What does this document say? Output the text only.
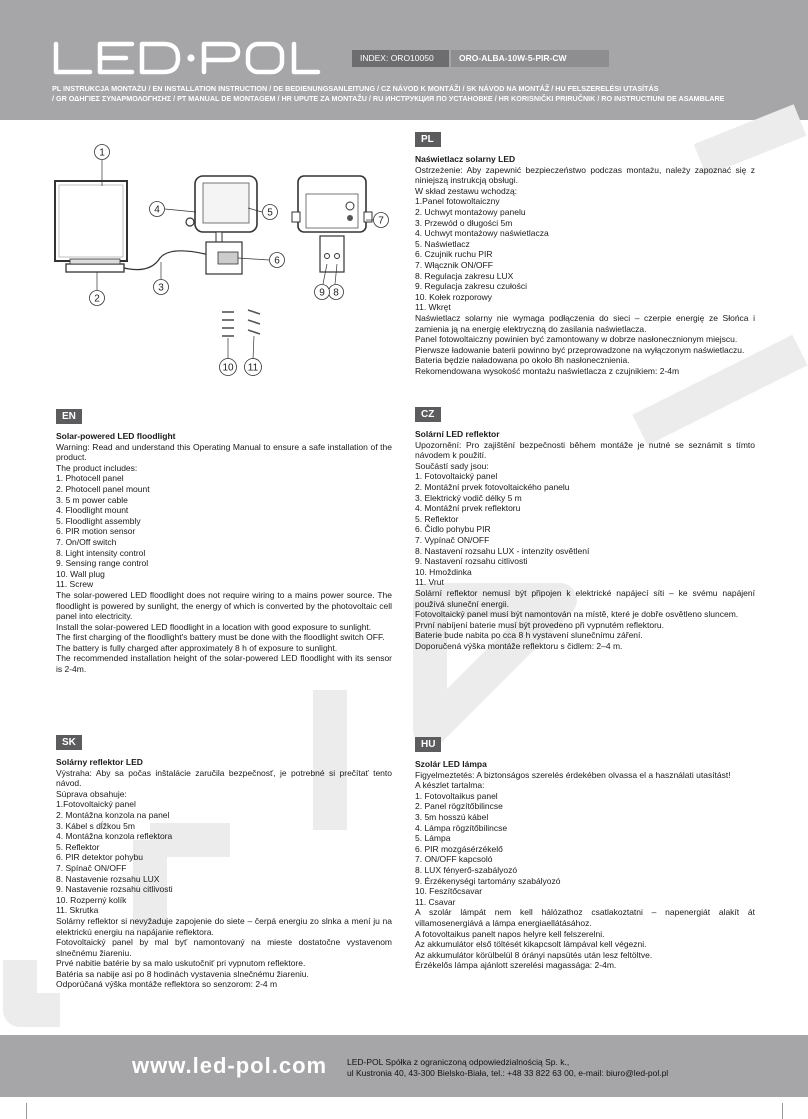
INDEX: ORO10050	ORO-ALBA-10W-5-PIR-CW
PL INSTRUKCJA MONTAŻU / EN INSTALLATION INSTRUCTION / DE BEDIENUNGSANLEITUNG / CZ NÁVOD K MONTÁŽI / SK NÁVOD NA MONTÁŽ / HU FELSZERELÉSI UTASÍTÁS
/ GR ΟΔΗΓΙΕΣ ΣΥΝΑΡΜΟΛΟΓΗΣΗΣ / PT MANUAL DE MONTAGEM / HR UPUTE ZA MONTAŽU / RU ИНСТРУКЦИЯ ПО УСТАНОВКЕ / HR KORISNIČKI PRIRUČNIK / RO INSTRUCTIUNI DE ASAMBLARE
1
2
3
4	5
6
7
8
9
10 11
PL
Naświetlacz solarny LED
Ostrzeżenie: Aby zapewnić bezpieczeństwo podczas montażu, należy zapoznać się z niniejszą instrukcją obsługi.
W skład zestawu wchodzą:
1.Panel fotowoltaiczny
2. Uchwyt montażowy panelu
3. Przewód o długości 5m
4. Uchwyt montażowy naświetlacza
5. Naświetlacz
6. Czujnik ruchu PIR
7. Włącznik ON/OFF
8. Regulacja zakresu LUX
9. Regulacja zakresu czułości
10. Kołek rozporowy
11. Wkręt
Naświetlacz solarny nie wymaga podłączenia do sieci – czerpie energię ze Słońca i zamienia ją na energię elektryczną do zasilania naświetlacza.
Panel fotowoltaiczny powinien być zamontowany w dobrze nasłonecznionym miejscu.
Pierwsze ładowanie baterii powinno być przeprowadzone na wyłączonym naświetlaczu.
Bateria będzie naładowana po około 8h nasłonecznienia.
Rekomendowana wysokość montażu naświetlacza z czujnikiem: 2-4m
EN
Solar-powered LED floodlight
Warning: Read and understand this Operating Manual to ensure a safe installation of the product.
The product includes:
1. Photocell panel
2. Photocell panel mount
3. 5 m power cable
4. Floodlight mount
5. Floodlight assembly
6. PIR motion sensor
7. On/Off switch
8. Light intensity control
9. Sensing range control
10. Wall plug
11. Screw
The solar-powered LED floodlight does not require wiring to a mains power source. The floodlight is powered by sunlight, the energy of which is converted by the photovoltaic cell panel into electricity.
Install the solar-powered LED floodlight in a location with good exposure to sunlight.
The first charging of the floodlight's battery must be done with the floodlight switch OFF.
The battery is fully charged after approximately 8 h of exposure to sunlight.
The recommended installation height of the solar-powered LED floodlight with its sensor is 2-4m.
CZ
Solární LED reflektor
Upozornění: Pro zajištění bezpečnosti během montáže je nutné se seznámit s tímto návodem k použití.
Součástí sady jsou:
1. Fotovoltaický panel
2. Montážní prvek fotovoltaického panelu
3. Elektrický vodič délky 5 m
4. Montážní prvek reflektoru
5. Reflektor
6. Čidlo pohybu PIR
7. Vypínač ON/OFF
8. Nastavení rozsahu LUX - intenzity osvětlení
9. Nastavení rozsahu citlivosti
10. Hmoždinka
11. Vrut
Solární reflektor nemusí být připojen k elektrické napájecí síti – ke svému napájení používá sluneční energii.
Fotovoltaický panel musí být namontován na místě, které je dobře osvětleno sluncem.
První nabíjení baterie musí být provedeno při vypnutém reflektoru.
Baterie bude nabita po cca 8 h vystavení slunečnímu záření.
Doporučená výška montáže reflektoru s čidlem: 2–4 m.
SK
Solárny reflektor LED
Výstraha: Aby sa počas inštalácie zaručila bezpečnosť, je potrebné si prečítať tento návod.
Súprava obsahuje:
1.Fotovoltaický panel
2. Montážna konzola na panel
3. Kábel s dĺžkou 5m
4. Montážna konzola reflektora
5. Reflektor
6. PIR detektor pohybu
7. Spínač ON/OFF
8. Nastavenie rozsahu LUX
9. Nastavenie rozsahu citlivosti
10. Rozperný kolík
11. Skrutka
Solárny reflektor si nevyžaduje zapojenie do siete – čerpá energiu zo slnka a mení ju na elektrickú energiu na napájanie reflektora.
Fotovoltaický panel by mal byť namontovaný na mieste dostatočne vystavenom slnečnému žiareniu.
Prvé nabitie batérie by sa malo uskutočniť pri vypnutom reflektore.
Batéria sa nabije asi po 8 hodinách vystavenia slnečnému žiareniu.
Odporúčaná výška montáže reflektora so senzorom: 2-4 m
HU
Szolár LED lámpa
Figyelmeztetés: A biztonságos szerelés érdekében olvassa el a használati utasítást!
A készlet tartalma:
1. Fotovoltaikus panel
2. Panel rögzítőbilincse
3. 5m hosszú kábel
4. Lámpa rögzítőbilincse
5. Lámpa
6. PIR mozgásérzékelő
7. ON/OFF kapcsoló
8. LUX fényerő-szabályozó
9. Érzékenységi tartomány szabályozó
10. Feszítőcsavar
11. Csavar
A szolár lámpát nem kell hálózathoz csatlakoztatni – napenergiát alakít át villamosenergiává a lámpa energiaellátásához.
A fotovoltaikus panelt napos helyre kell felszerelni.
Az akkumulátor első töltését kikapcsolt lámpával kell végezni.
Az akkumulátor körülbelül 8 órányi napsütés után lesz feltöltve.
Érzékelős lámpa ajánlott szerelési magassága: 2-4m.
www.led-pol.com LED-POL Spółka z ograniczoną odpowiedzialnością Sp. k.,
ul Kustronia 40, 43-300 Bielsko-Biała, tel.: +48 33 822 63 00, e-mail: biuro@led-pol.pl
